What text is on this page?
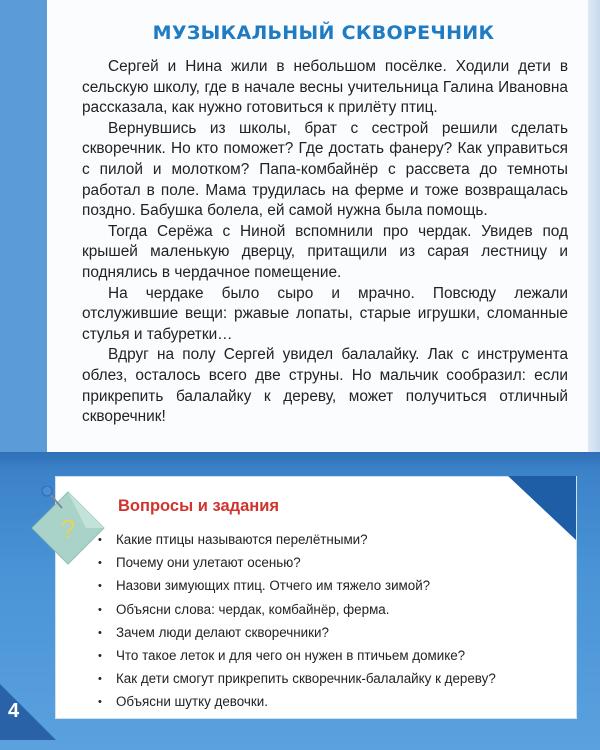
МУЗЫКАЛЬНЫЙ СКВОРЕЧНИК

Сергей и Нина жили в небольшом посёлке. Ходили дети в сельскую школу, где в начале весны учительница Галина Ивановна рассказала, как нужно готовиться к прилёту птиц.

Вернувшись из школы, брат с сестрой решили сделать скворечник. Но кто поможет? Где достать фанеру? Как управиться с пилой и молотком? Папа-комбайнёр с рассвета до темноты работал в поле. Мама трудилась на ферме и тоже возвращалась поздно. Бабушка болела, ей самой нужна была помощь.

Тогда Серёжа с Ниной вспомнили про чердак. Увидев под крышей маленькую дверцу, притащили из сарая лестницу и поднялись в чердачное помещение.

На чердаке было сыро и мрачно. Повсюду лежали отслужившие вещи: ржавые лопаты, старые игрушки, сломанные стулья и табуретки…

Вдруг на полу Сергей увидел балалайку. Лак с инструмента облез, осталось всего две струны. Но мальчик сообразил: если прикрепить балалайку к дереву, может получиться отличный скворечник!

?
Вопросы и задания
• Какие птицы называются перелётными?
• Почему они улетают осенью?
• Назови зимующих птиц. Отчего им тяжело зимой?
• Объясни слова: чердак, комбайнёр, ферма.
• Зачем люди делают скворечники?
• Что такое леток и для чего он нужен в птичьем домике?
• Как дети смогут прикрепить скворечник-балалайку к дереву?
• Объясни шутку девочки.
4
